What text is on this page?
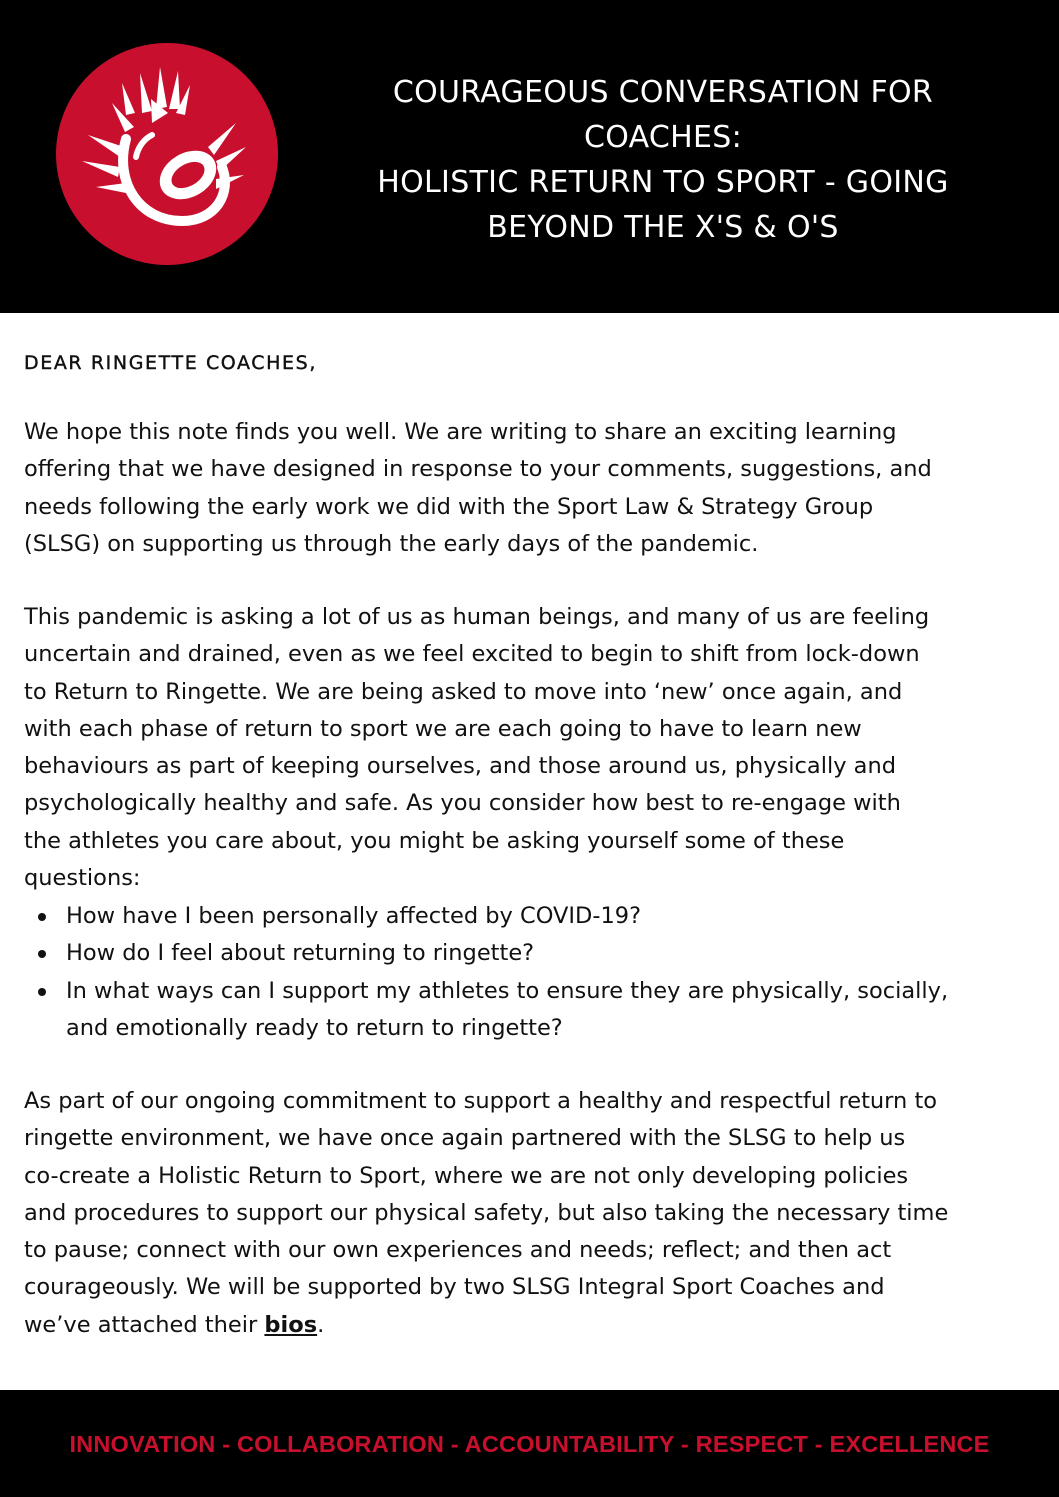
COURAGEOUS CONVERSATION FOR
COACHES:
HOLISTIC RETURN TO SPORT - GOING
BEYOND THE X'S & O'S
DEAR RINGETTE COACHES,
We hope this note finds you well. We are writing to share an exciting learning
offering that we have designed in response to your comments, suggestions, and
needs following the early work we did with the Sport Law & Strategy Group
(SLSG) on supporting us through the early days of the pandemic.
This pandemic is asking a lot of us as human beings, and many of us are feeling
uncertain and drained, even as we feel excited to begin to shift from lock-down
to Return to Ringette. We are being asked to move into ‘new’ once again, and
with each phase of return to sport we are each going to have to learn new
behaviours as part of keeping ourselves, and those around us, physically and
psychologically healthy and safe. As you consider how best to re-engage with
the athletes you care about, you might be asking yourself some of these
questions:
How have I been personally affected by COVID-19?
How do I feel about returning to ringette?
In what ways can I support my athletes to ensure they are physically, socially,
and emotionally ready to return to ringette?
As part of our ongoing commitment to support a healthy and respectful return to
ringette environment, we have once again partnered with the SLSG to help us
co-create a Holistic Return to Sport, where we are not only developing policies
and procedures to support our physical safety, but also taking the necessary time
to pause; connect with our own experiences and needs; reflect; and then act
courageously. We will be supported by two SLSG Integral Sport Coaches and
we’ve attached their bios.
INNOVATION - COLLABORATION - ACCOUNTABILITY - RESPECT - EXCELLENCE
